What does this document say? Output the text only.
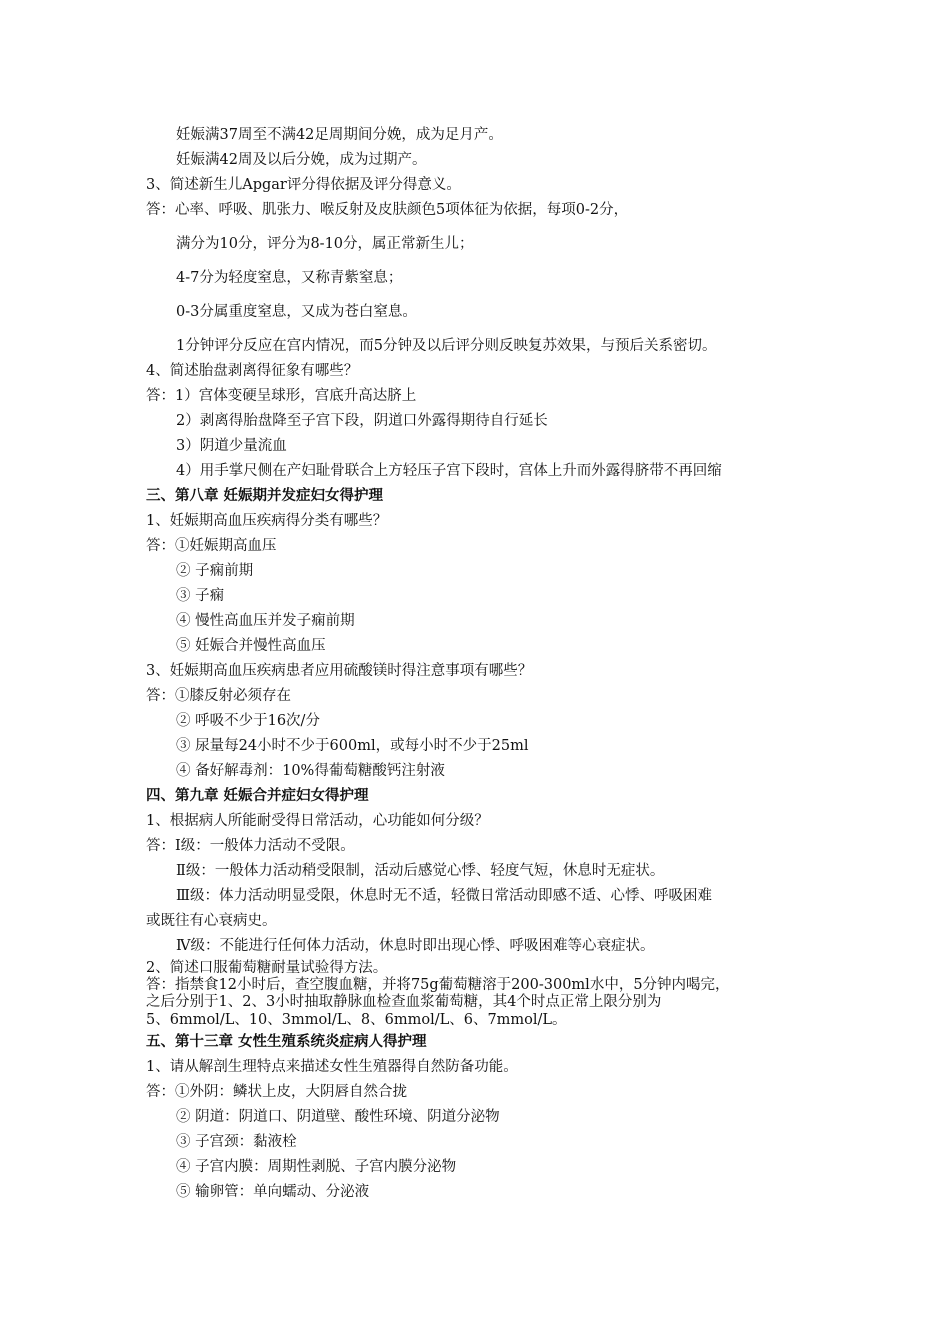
妊娠满37周至不满42足周期间分娩，成为足月产。
妊娠满42周及以后分娩，成为过期产。
3、简述新生儿Apgar评分得依据及评分得意义。
答：心率、呼吸、肌张力、喉反射及皮肤颜色5项体征为依据，每项0-2分，
满分为10分，评分为8-10分，属正常新生儿；
4-7分为轻度窒息，又称青紫窒息；
0-3分属重度窒息，又成为苍白窒息。
1分钟评分反应在宫内情况，而5分钟及以后评分则反映复苏效果，与预后关系密切。
4、简述胎盘剥离得征象有哪些？
答：1）宫体变硬呈球形，宫底升高达脐上
2）剥离得胎盘降至子宫下段，阴道口外露得期待自行延长
3）阴道少量流血
4）用手掌尺侧在产妇耻骨联合上方轻压子宫下段时，宫体上升而外露得脐带不再回缩
三、第八章 妊娠期并发症妇女得护理
1、妊娠期高血压疾病得分类有哪些？
答：①妊娠期高血压
② 子痫前期
③ 子痫
④ 慢性高血压并发子痫前期
⑤ 妊娠合并慢性高血压
3、妊娠期高血压疾病患者应用硫酸镁时得注意事项有哪些？
答：①膝反射必须存在
② 呼吸不少于16次/分
③ 尿量每24小时不少于600ml，或每小时不少于25ml
④ 备好解毒剂：10%得葡萄糖酸钙注射液
四、第九章 妊娠合并症妇女得护理
1、根据病人所能耐受得日常活动，心功能如何分级？
答：Ⅰ级：一般体力活动不受限。
Ⅱ级：一般体力活动稍受限制，活动后感觉心悸、轻度气短，休息时无症状。
Ⅲ级：体力活动明显受限，休息时无不适，轻微日常活动即感不适、心悸、呼吸困难
或既往有心衰病史。
Ⅳ级：不能进行任何体力活动，休息时即出现心悸、呼吸困难等心衰症状。
2、简述口服葡萄糖耐量试验得方法。
答：指禁食12小时后，查空腹血糖，并将75g葡萄糖溶于200-300ml水中，5分钟内喝完，
之后分别于1、2、3小时抽取静脉血检查血浆葡萄糖，其4个时点正常上限分别为
5、6mmol/L、10、3mmol/L、8、6mmol/L、6、7mmol/L。
五、第十三章 女性生殖系统炎症病人得护理
1、请从解剖生理特点来描述女性生殖器得自然防备功能。
答：①外阴：鳞状上皮，大阴唇自然合拢
② 阴道：阴道口、阴道壁、酸性环境、阴道分泌物
③ 子宫颈：黏液栓
④ 子宫内膜：周期性剥脱、子宫内膜分泌物
⑤ 输卵管：单向蠕动、分泌液
